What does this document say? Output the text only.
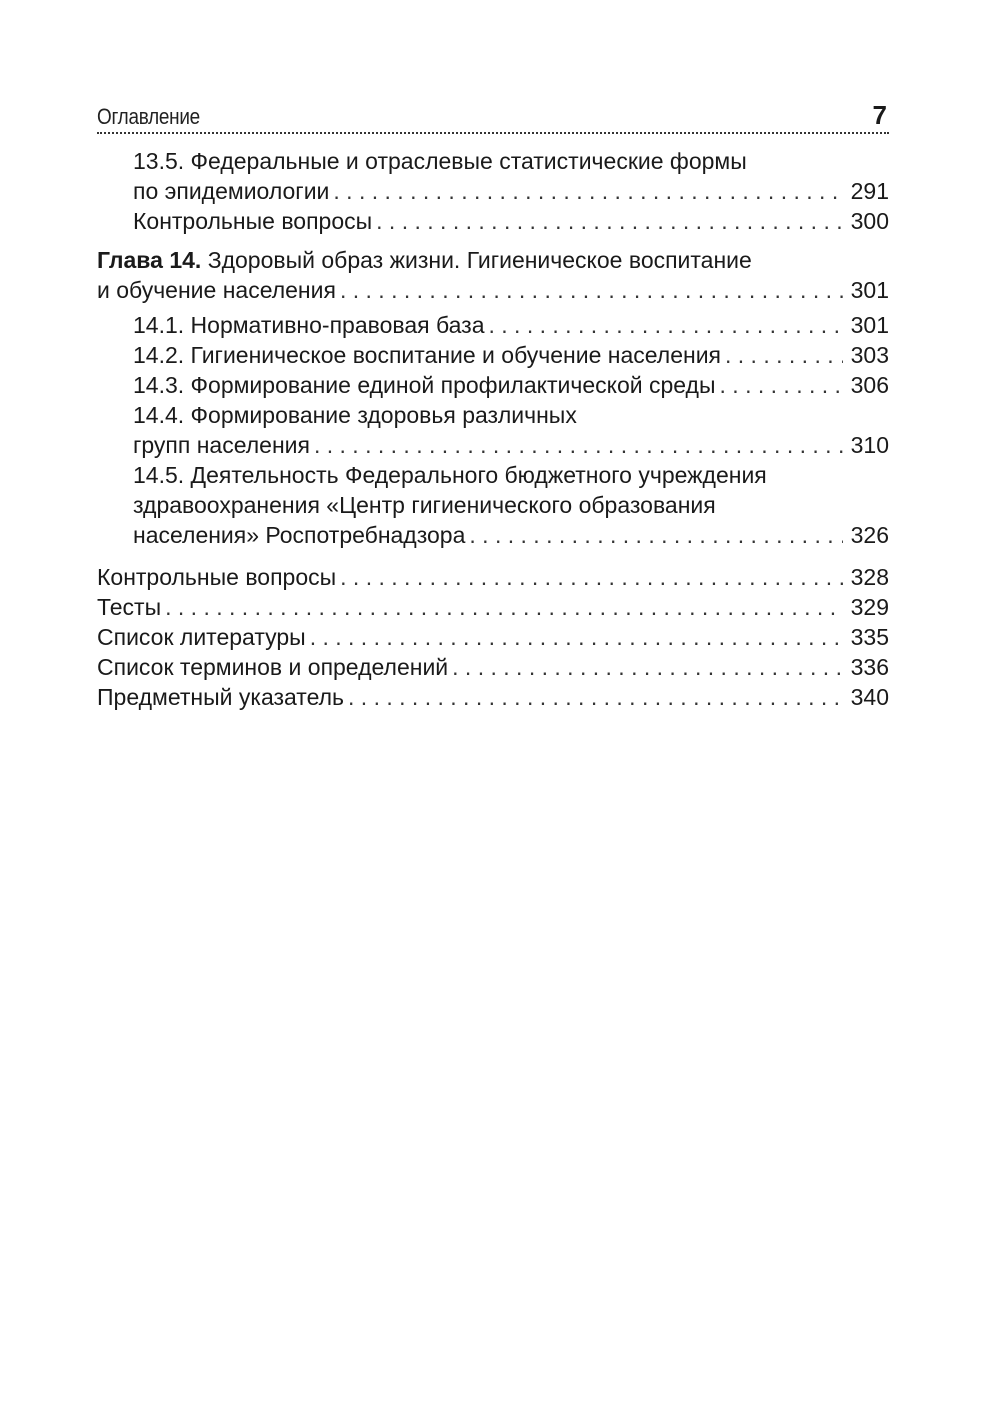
Оглавление	7
13.5. Федеральные и отраслевые статистические формы
по эпидемиологии . . .	291
Контрольные вопросы . . .	300
Глава 14. Здоровый образ жизни. Гигиеническое воспитание
и обучение населения . . .	301
14.1. Нормативно-правовая база . . .	301
14.2. Гигиеническое воспитание и обучение населения . . .	303
14.3. Формирование единой профилактической среды . . .	306
14.4. Формирование здоровья различных
групп населения . . .	310
14.5. Деятельность Федерального бюджетного учреждения
здравоохранения «Центр гигиенического образования
населения» Роспотребнадзора . . .	326
Контрольные вопросы . . .	328
Тесты . . .	329
Список литературы . . .	335
Список терминов и определений . . .	336
Предметный указатель . . .	340
